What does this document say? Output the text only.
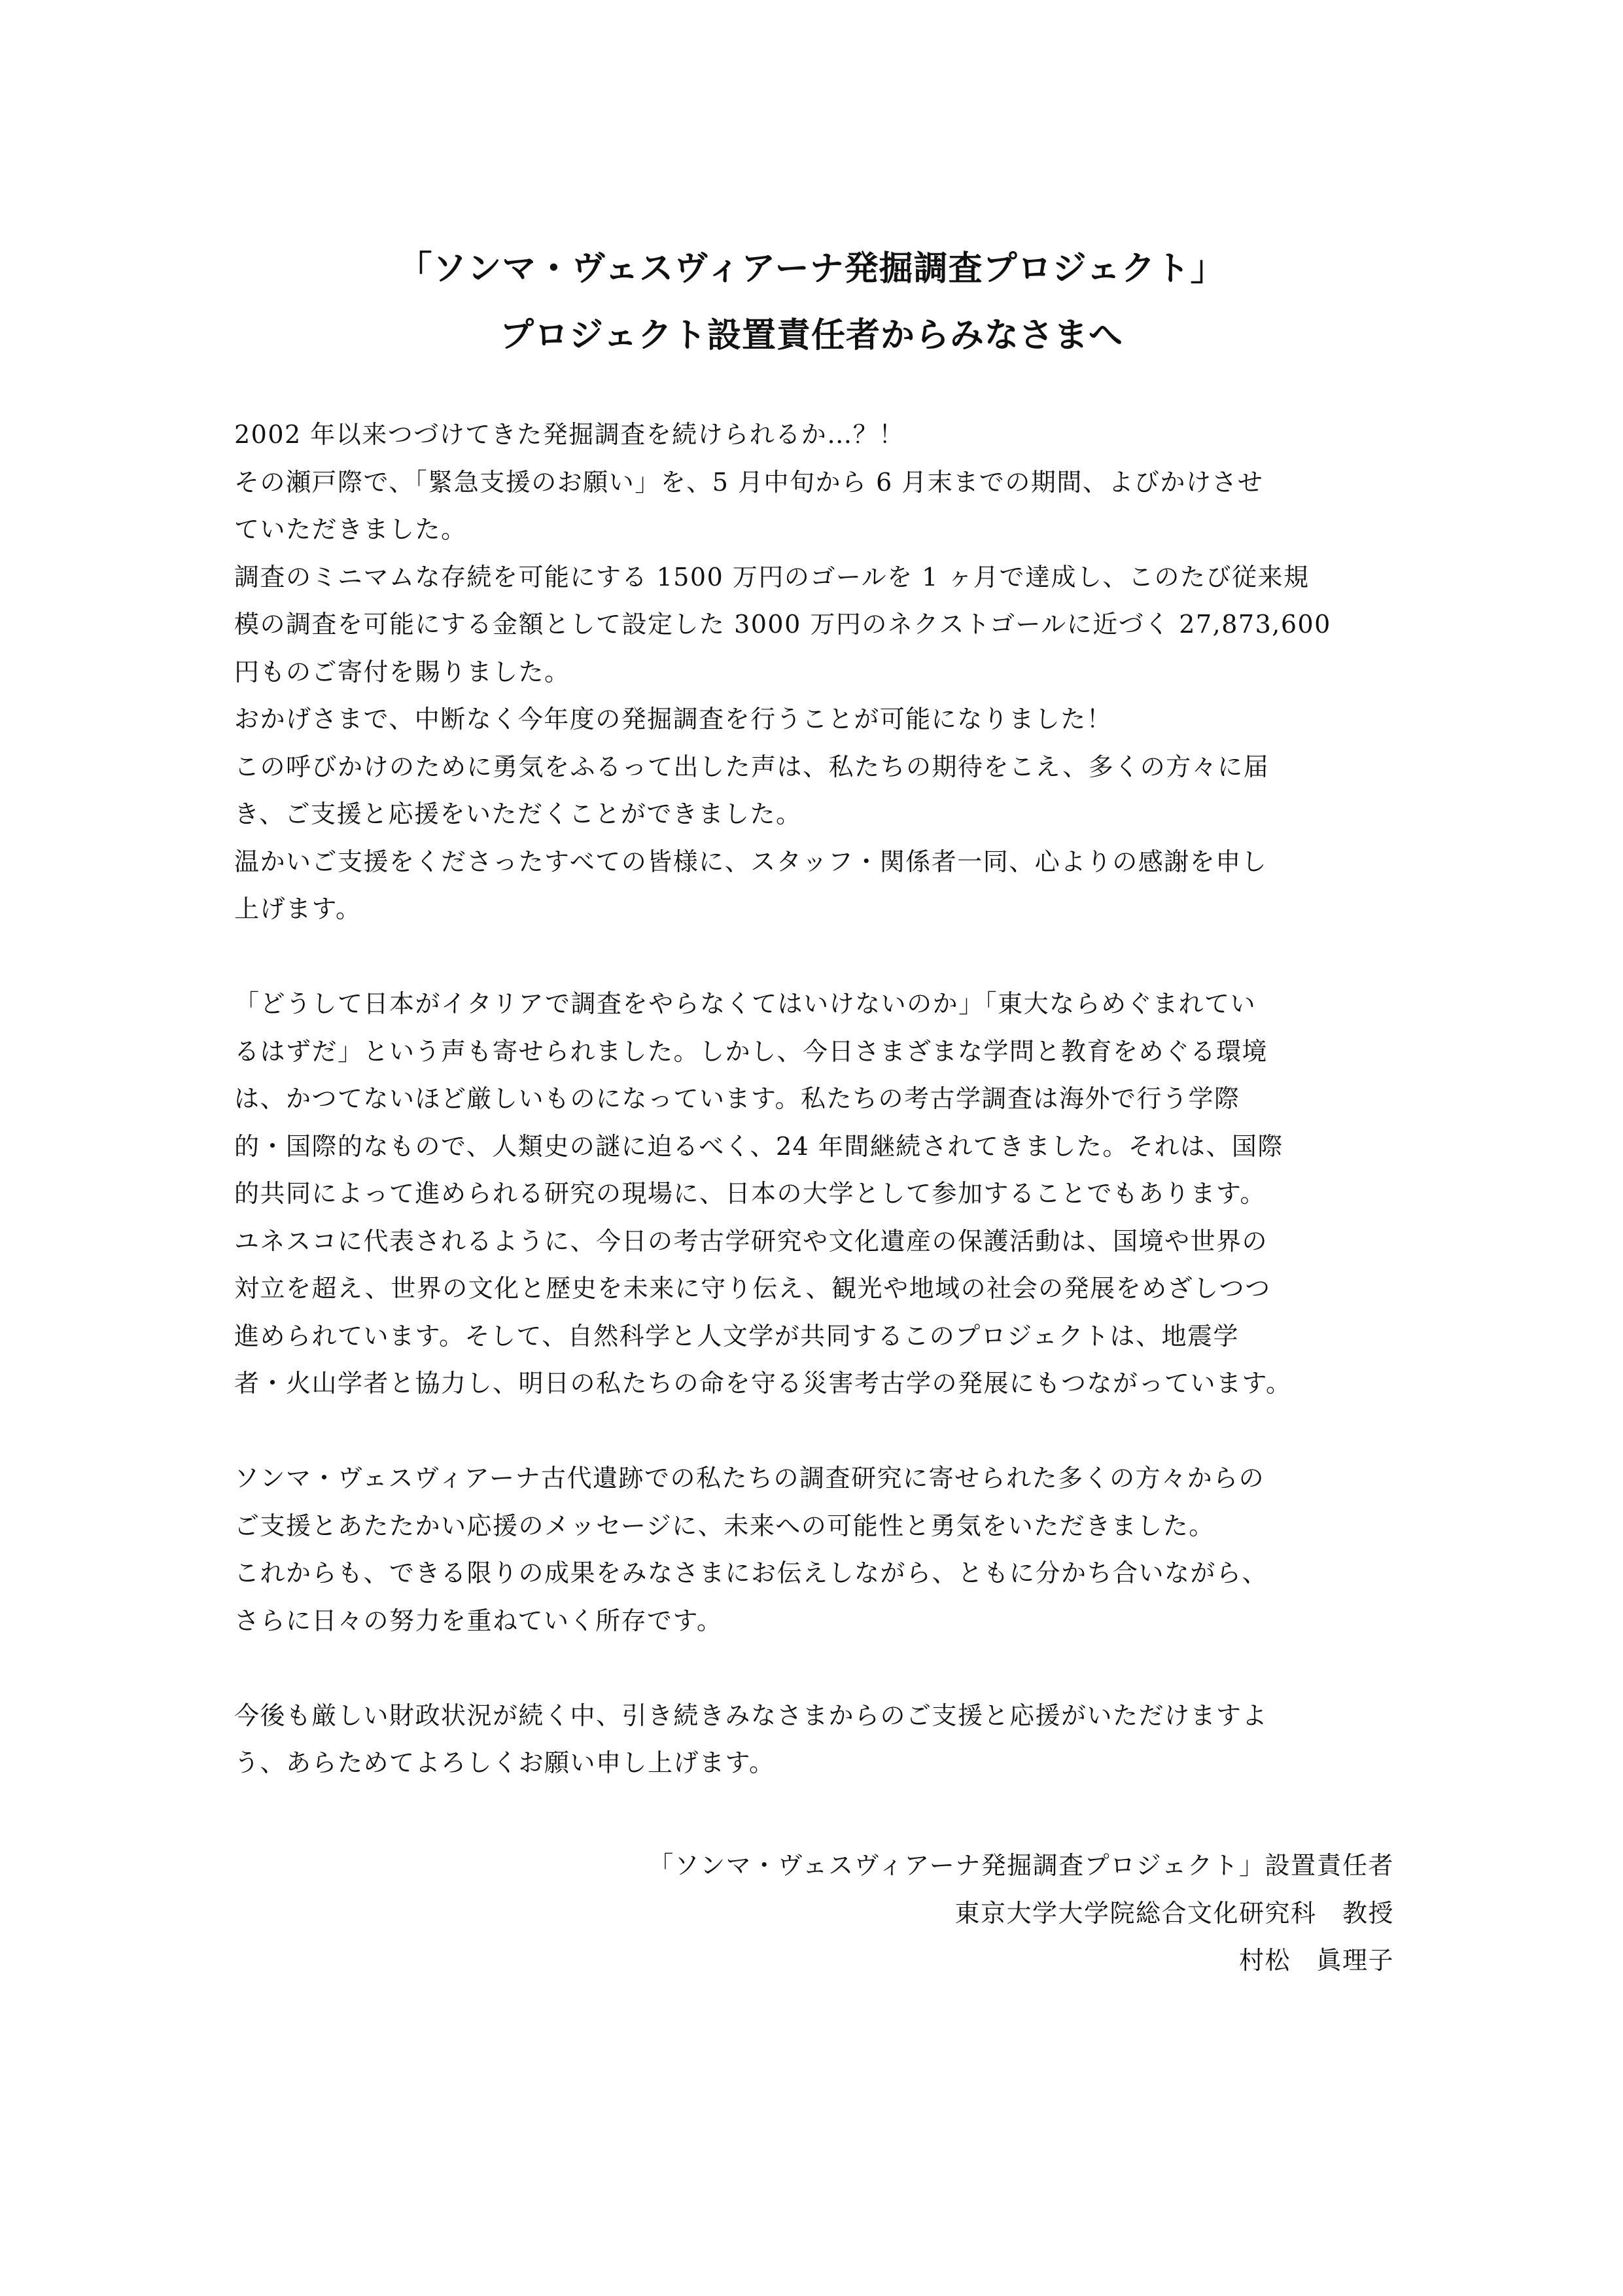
「ソンマ・ヴェスヴィアーナ発掘調査プロジェクト」
プロジェクト設置責任者からみなさまへ
2002 年以来つづけてきた発掘調査を続けられるか…？！
その瀬戸際で、「緊急支援のお願い」を、5 月中旬から 6 月末までの期間、よびかけさせ
ていただきました。
調査のミニマムな存続を可能にする 1500 万円のゴールを 1 ヶ月で達成し、このたび従来規
模の調査を可能にする金額として設定した 3000 万円のネクストゴールに近づく 27,873,600
円ものご寄付を賜りました。
おかげさまで、中断なく今年度の発掘調査を行うことが可能になりました！
この呼びかけのために勇気をふるって出した声は、私たちの期待をこえ、多くの方々に届
き、ご支援と応援をいただくことができました。
温かいご支援をくださったすべての皆様に、スタッフ・関係者一同、心よりの感謝を申し
上げます。
「どうして日本がイタリアで調査をやらなくてはいけないのか」「東大ならめぐまれてい
るはずだ」という声も寄せられました。しかし、今日さまざまな学問と教育をめぐる環境
は、かつてないほど厳しいものになっています。私たちの考古学調査は海外で行う学際
的・国際的なもので、人類史の謎に迫るべく、24 年間継続されてきました。それは、国際
的共同によって進められる研究の現場に、日本の大学として参加することでもあります。
ユネスコに代表されるように、今日の考古学研究や文化遺産の保護活動は、国境や世界の
対立を超え、世界の文化と歴史を未来に守り伝え、観光や地域の社会の発展をめざしつつ
進められています。そして、自然科学と人文学が共同するこのプロジェクトは、地震学
者・火山学者と協力し、明日の私たちの命を守る災害考古学の発展にもつながっています。
ソンマ・ヴェスヴィアーナ古代遺跡での私たちの調査研究に寄せられた多くの方々からの
ご支援とあたたかい応援のメッセージに、未来への可能性と勇気をいただきました。
これからも、できる限りの成果をみなさまにお伝えしながら、ともに分かち合いながら、
さらに日々の努力を重ねていく所存です。
今後も厳しい財政状況が続く中、引き続きみなさまからのご支援と応援がいただけますよ
う、あらためてよろしくお願い申し上げます。
「ソンマ・ヴェスヴィアーナ発掘調査プロジェクト」設置責任者
東京大学大学院総合文化研究科　教授
村松　眞理子
